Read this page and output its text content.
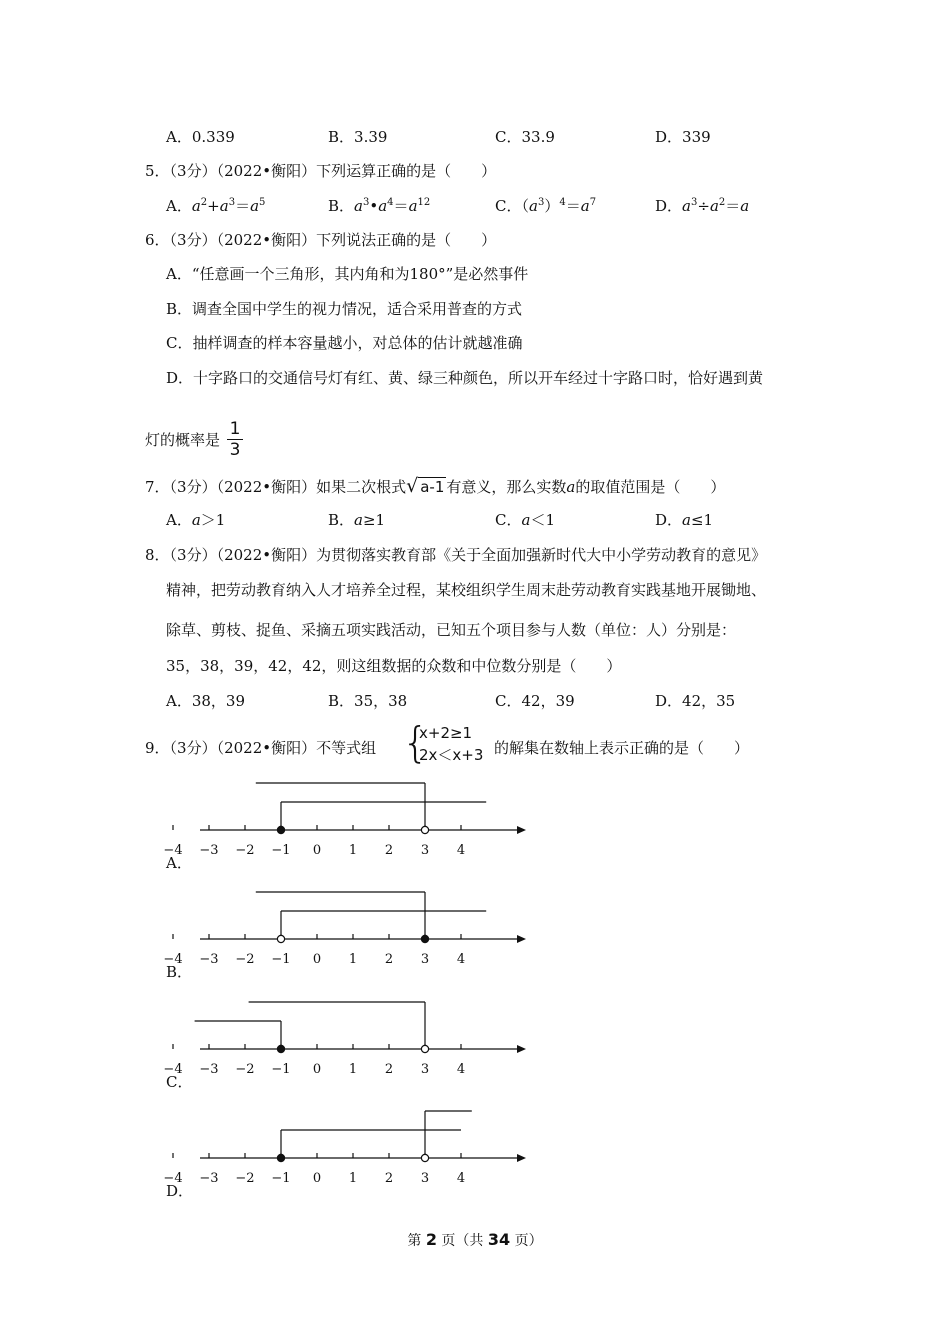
A．0.339	B．3.39	C．33.9	D．339
5．（3分）（2022•衡阳）下列运算正确的是（　　）
A．$a^2+a^3=a^5$	B．$a^3•a^4=a^{12}$	C．$(a^3)^4=a^7$	D．$a^3\div a^2=a$
6．（3分）（2022•衡阳）下列说法正确的是（　　）
A．“任意画一个三角形，其内角和为180°”是必然事件
B．调查全国中学生的视力情况，适合采用普查的方式
C．抽样调查的样本容量越小，对总体的估计就越准确
D．十字路口的交通信号灯有红、黄、绿三种颜色，所以开车经过十字路口时，恰好遇到黄
灯的概率是
1
3
7．（3分）（2022•衡阳）如果二次根式√ a-1 有意义，那么实数a的取值范围是（　　）
A．a＞1	B．a≥1	C．a＜1	D．a≤1
8．（3分）（2022•衡阳）为贯彻落实教育部《关于全面加强新时代大中小学劳动教育的意见》
精神，把劳动教育纳入人才培养全过程，某校组织学生周末赴劳动教育实践基地开展锄地、
除草、剪枝、捉鱼、采摘五项实践活动，已知五个项目参与人数（单位：人）分别是：
35，38，39，42，42，则这组数据的众数和中位数分别是（　　）
A．38，39	B．35，38	C．42，39	D．42，35
9．（3分）（2022•衡阳）不等式组 {
x+2≥1
2x＜x+3 的解集在数轴上表示正确的是（　　）
−4 −3 −2 −1 0 1 2 3 4
A．
−4 −3 −2 −1 0 1 2 3 4
B．
−4 −3 −2 −1 0 1 2 3 4
C．
−4 −3 −2 −1 0 1 2 3 4
D．
第 2 页（共 34 页）
